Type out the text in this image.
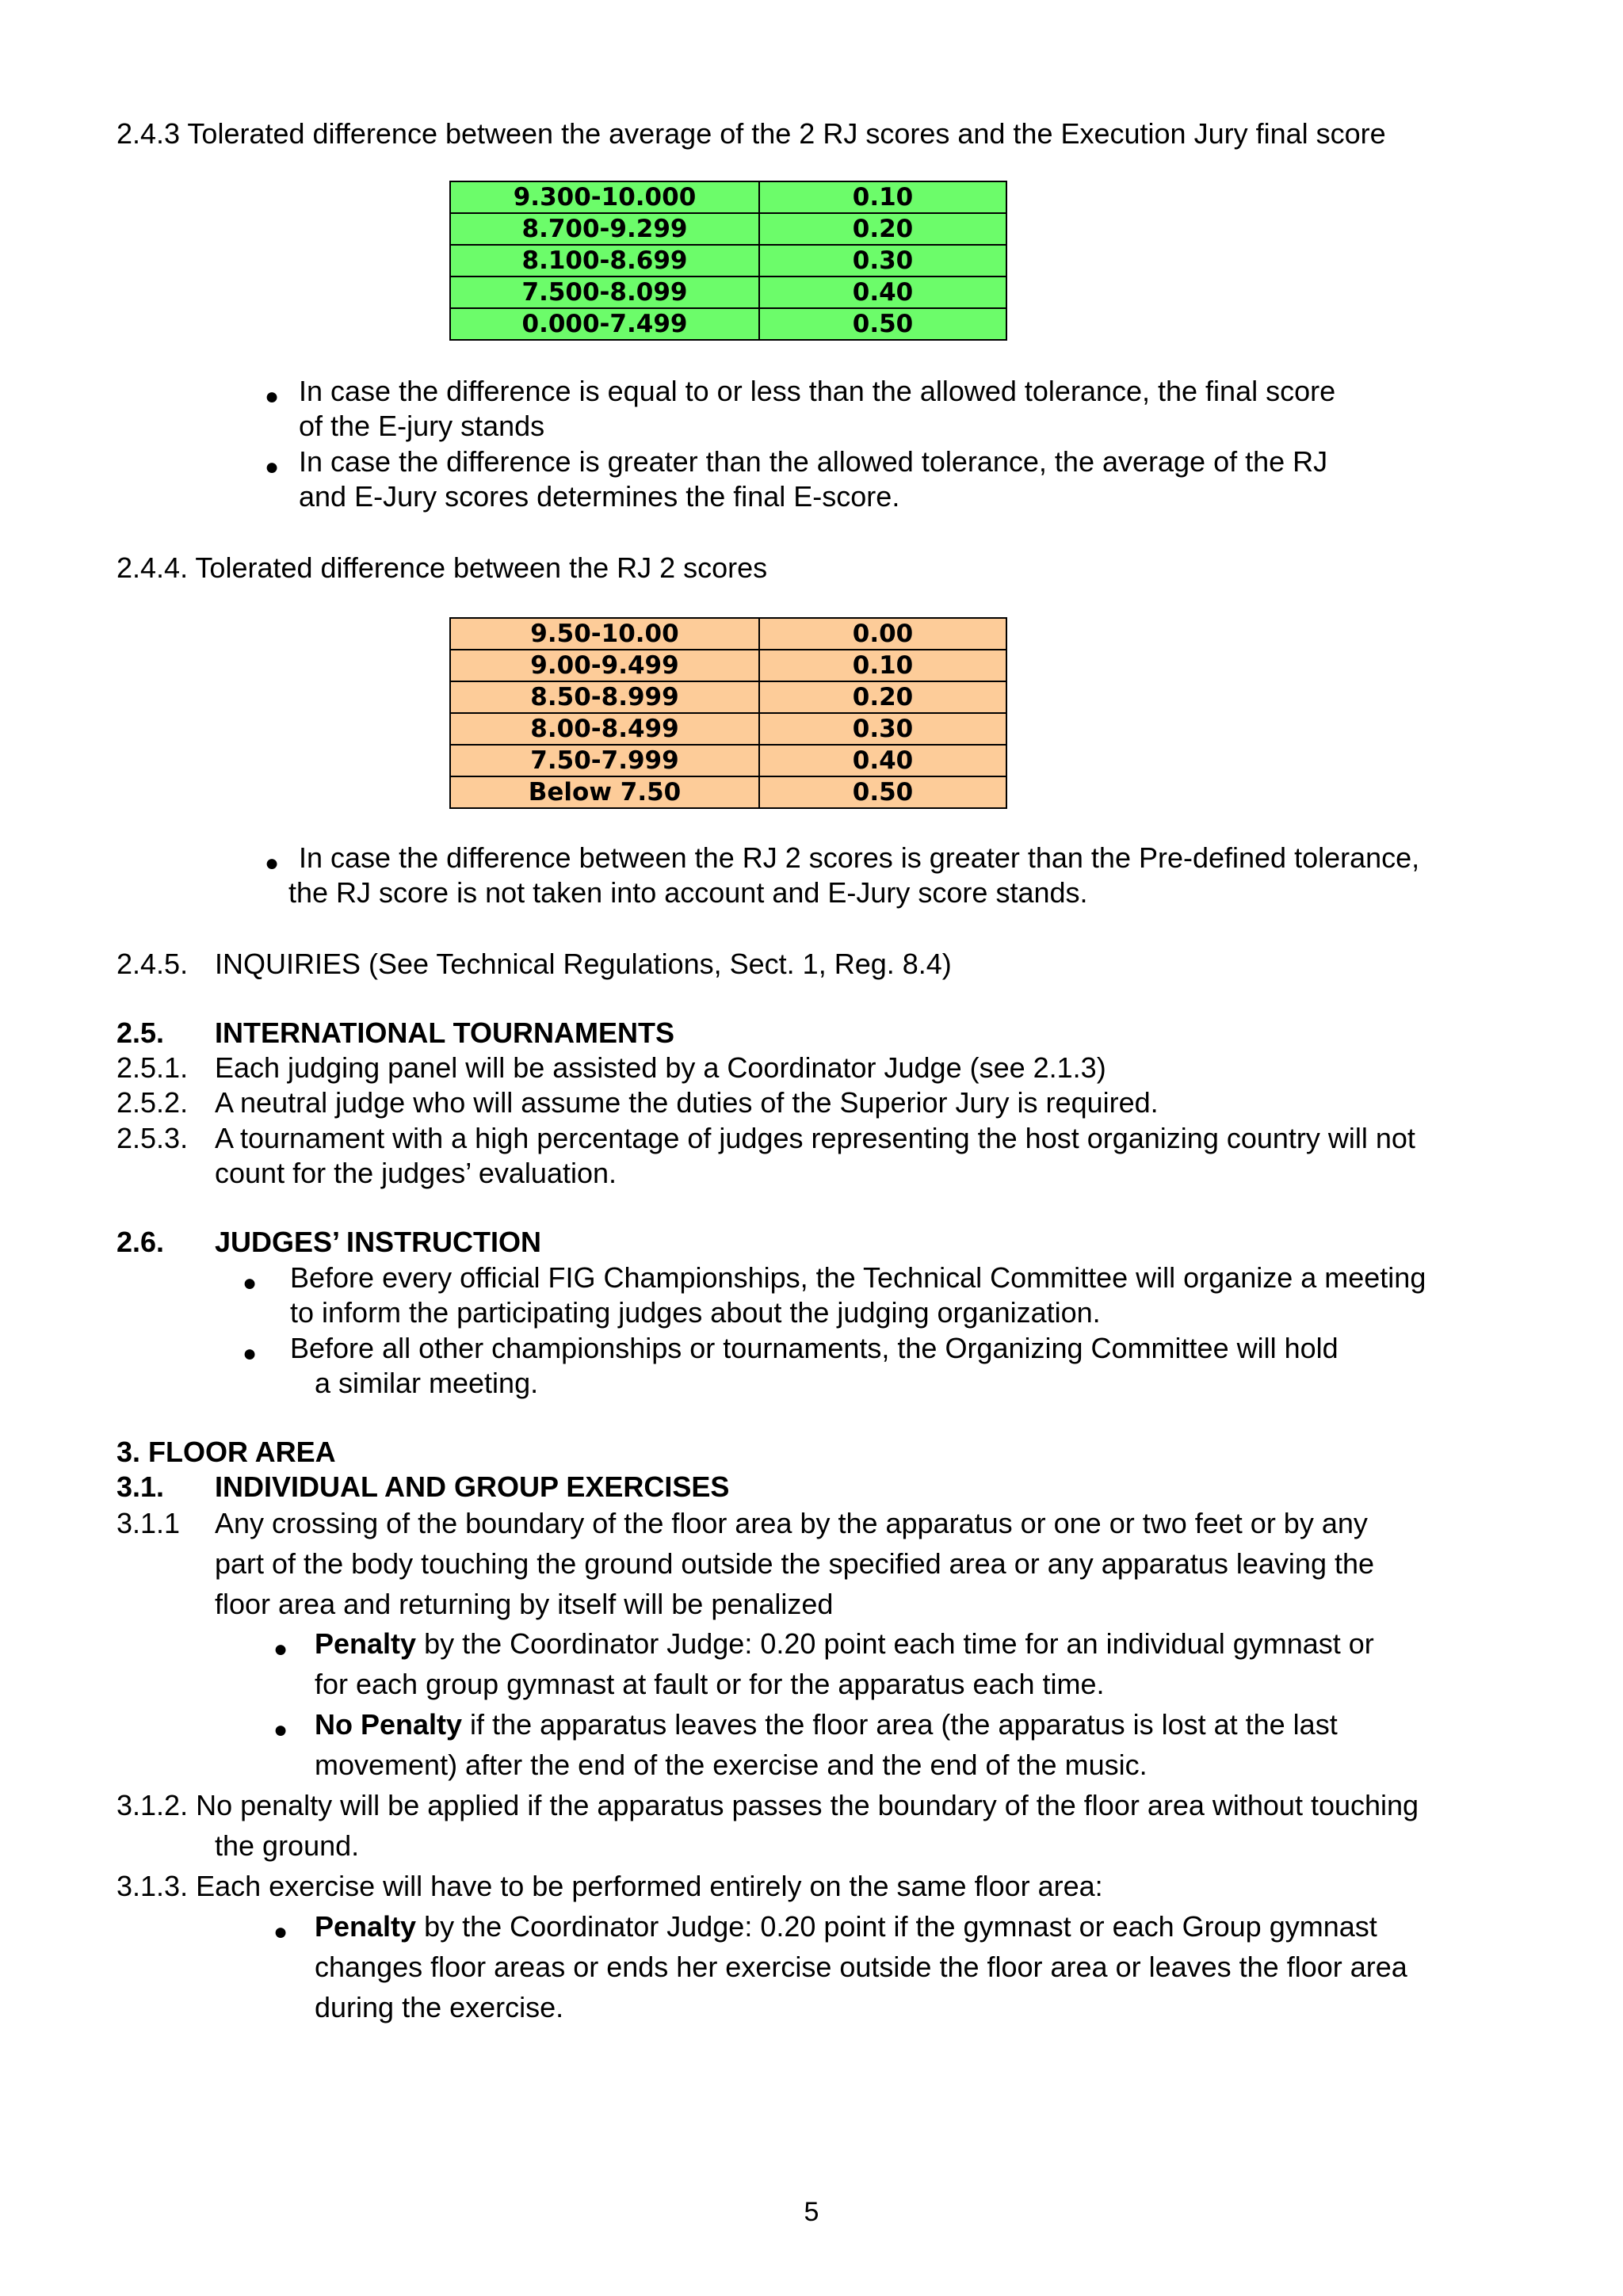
2.4.3 Tolerated difference between the average of the 2 RJ scores and the Execution Jury final score
9.300-10.000	0.10
8.700-9.299	0.20
8.100-8.699	0.30
7.500-8.099	0.40
0.000-7.499	0.50
● In case the difference is equal to or less than the allowed tolerance, the final score
of the E-jury stands
● In case the difference is greater than the allowed tolerance, the average of the RJ
and E-Jury scores determines the final E-score.
2.4.4. Tolerated difference between the RJ 2 scores
9.50-10.00	0.00
9.00-9.499	0.10
8.50-8.999	0.20
8.00-8.499	0.30
7.50-7.999	0.40
Below 7.50	0.50
● In case the difference between the RJ 2 scores is greater than the Pre-defined tolerance,
the RJ score is not taken into account and E-Jury score stands.
2.4.5. INQUIRIES (See Technical Regulations, Sect. 1, Reg. 8.4)
2.5. INTERNATIONAL TOURNAMENTS
2.5.1. Each judging panel will be assisted by a Coordinator Judge (see 2.1.3)
2.5.2. A neutral judge who will assume the duties of the Superior Jury is required.
2.5.3. A tournament with a high percentage of judges representing the host organizing country will not
count for the judges’ evaluation.
2.6. JUDGES’ INSTRUCTION
● Before every official FIG Championships, the Technical Committee will organize a meeting
to inform the participating judges about the judging organization.
● Before all other championships or tournaments, the Organizing Committee will hold
a similar meeting.
3. FLOOR AREA
3.1. INDIVIDUAL AND GROUP EXERCISES
3.1.1 Any crossing of the boundary of the floor area by the apparatus or one or two feet or by any
part of the body touching the ground outside the specified area or any apparatus leaving the
floor area and returning by itself will be penalized
● Penalty by the Coordinator Judge: 0.20 point each time for an individual gymnast or
for each group gymnast at fault or for the apparatus each time.
● No Penalty if the apparatus leaves the floor area (the apparatus is lost at the last
movement) after the end of the exercise and the end of the music.
3.1.2. No penalty will be applied if the apparatus passes the boundary of the floor area without touching
the ground.
3.1.3. Each exercise will have to be performed entirely on the same floor area:
● Penalty by the Coordinator Judge: 0.20 point if the gymnast or each Group gymnast
changes floor areas or ends her exercise outside the floor area or leaves the floor area
during the exercise.
5
